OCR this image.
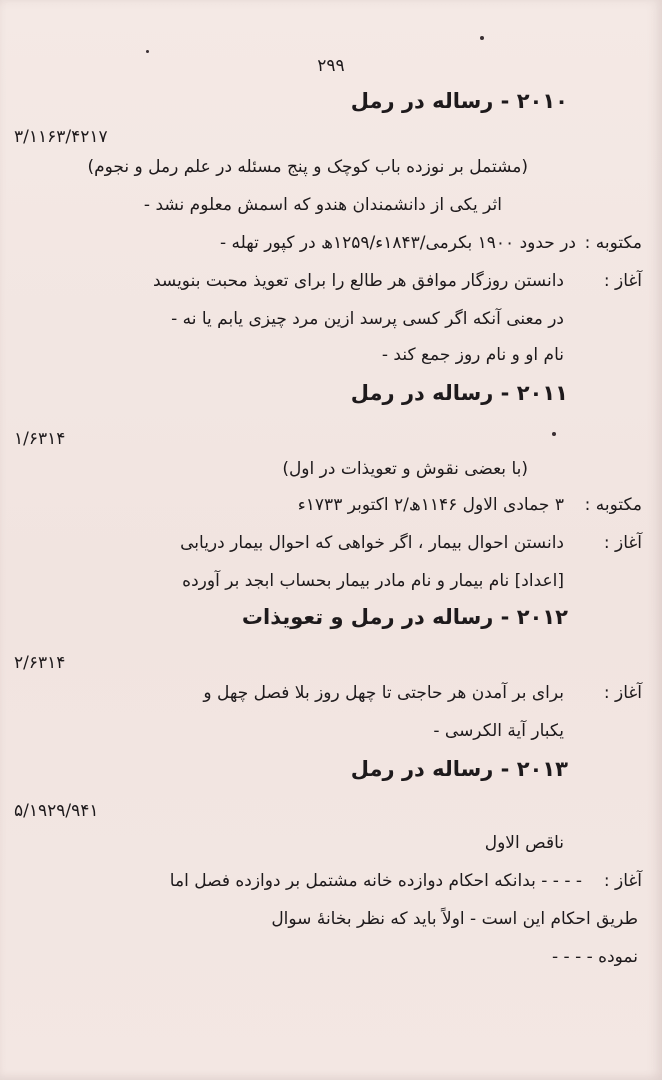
۲۹۹
۲۰۱۰ - رساله در رمل
۳/۱۱۶۳/۴۲۱۷
(مشتمل بر نوزده باب کوچک و پنج مسئله در علم رمل و نجوم)
اثر یکی از دانشمندان هندو که اسمش معلوم نشد -
مکتوبه :
در حدود ۱۹۰۰ بکرمی/۱۸۴۳ء/۱۲۵۹ھ در کپور تهله -
آغاز :
دانستن روزگار موافق هر طالع را برای تعویذ محبت بنویسد
در معنی آنکه اگر کسی پرسد ازین مرد چیزی یابم یا نه -
نام او و نام روز جمع کند -
۲۰۱۱ - رساله در رمل
۱/۶۳۱۴
(با بعضی نقوش و تعویذات در اول)
مکتوبه :
۳ جمادی الاول ۱۱۴۶ھ/۲ اکتوبر ۱۷۳۳ء
آغاز :
دانستن احوال بیمار ، اگر خواهی که احوال بیمار دریابی
[اعداد] نام بیمار و نام مادر بیمار بحساب ابجد بر آورده
۲۰۱۲ - رساله در رمل و تعویذات
۲/۶۳۱۴
آغاز :
برای بر آمدن هر حاجتی تا چهل روز بلا فصل چهل و
یکبار آیة الکرسی -
۲۰۱۳ - رساله در رمل
۵/۱۹۲۹/۹۴۱
ناقص الاول
آغاز :
- - - - بدانکه احکام دوازده خانه مشتمل بر دوازده فصل اما
طریق احکام این است - اولاً باید که نظر بخانهٔ سوال
نموده - - - -
